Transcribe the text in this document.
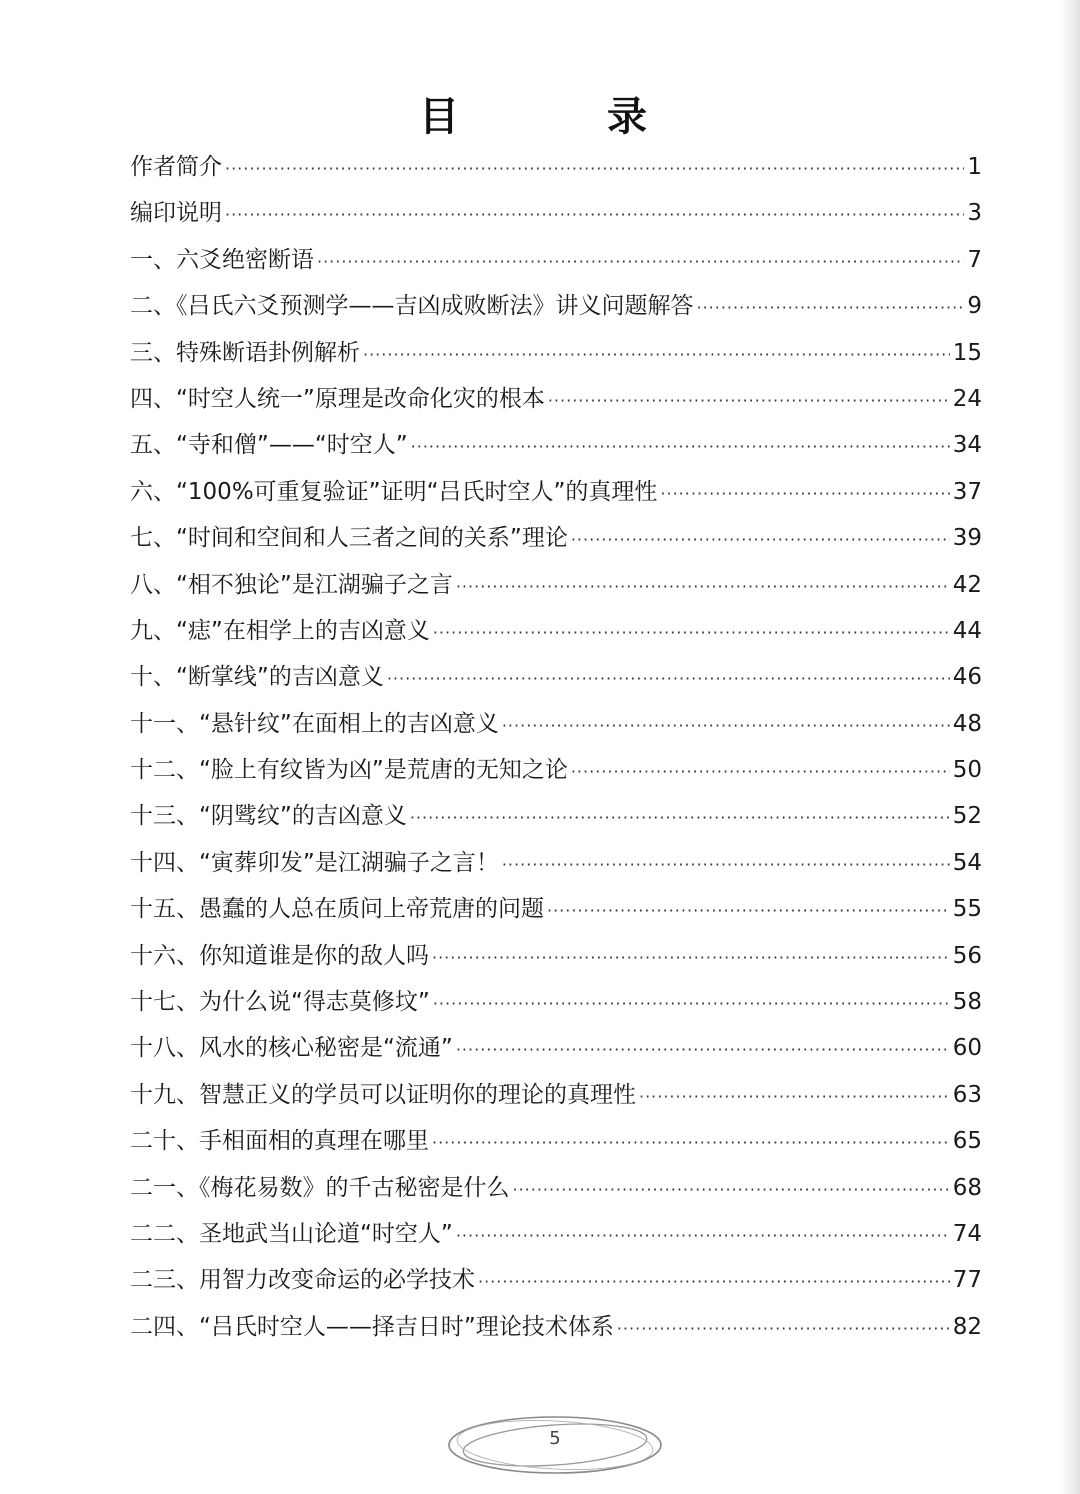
目　录
作者简介 ·····	1
编印说明 ·····	3
一、六爻绝密断语 ·····	7
二、《吕氏六爻预测学——吉凶成败断法》讲义问题解答 ·····	9
三、特殊断语卦例解析 ·····	15
四、“时空人统一”原理是改命化灾的根本 ·····	24
五、“寺和僧”——“时空人” ·····	34
六、“100%可重复验证”证明“吕氏时空人”的真理性 ·····	37
七、“时间和空间和人三者之间的关系”理论 ·····	39
八、“相不独论”是江湖骗子之言 ·····	42
九、“痣”在相学上的吉凶意义 ·····	44
十、“断掌线”的吉凶意义 ·····	46
十一、“悬针纹”在面相上的吉凶意义 ·····	48
十二、“脸上有纹皆为凶”是荒唐的无知之论 ·····	50
十三、“阴骘纹”的吉凶意义 ·····	52
十四、“寅葬卯发”是江湖骗子之言！ ·····	54
十五、愚蠢的人总在质问上帝荒唐的问题 ·····	55
十六、你知道谁是你的敌人吗 ·····	56
十七、为什么说“得志莫修坟” ·····	58
十八、风水的核心秘密是“流通” ·····	60
十九、智慧正义的学员可以证明你的理论的真理性 ·····	63
二十、手相面相的真理在哪里 ·····	65
二一、《梅花易数》的千古秘密是什么 ·····	68
二二、圣地武当山论道“时空人” ·····	74
二三、用智力改变命运的必学技术 ·····	77
二四、“吕氏时空人——择吉日时”理论技术体系 ·····	82
5
